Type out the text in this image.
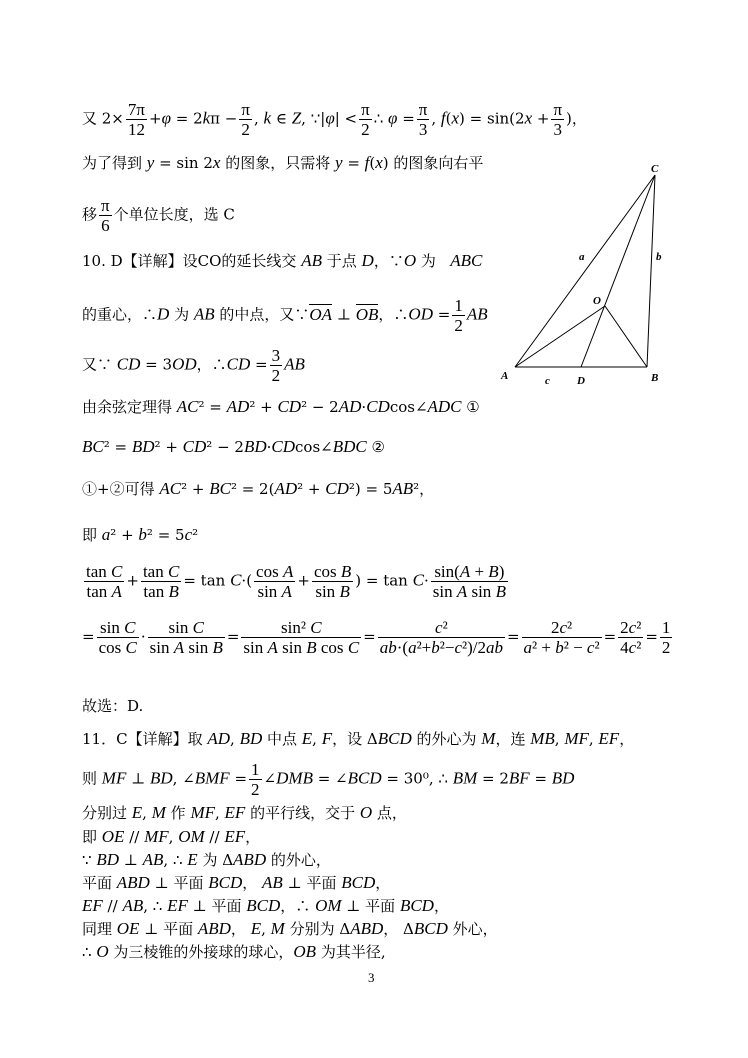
又 $2\times \frac{7\pi}{12} +\varphi = 2k\pi - \frac{\pi}{2}$ , k ∈ Z, ∵|φ| < $\frac{\pi}{2}$ ∴ $\varphi = \frac{\pi}{3}$ , $f(x) = \sin(2x + \frac{\pi}{3}$ )，
为了得到 y = sin 2x 的图象，只需将 y = f(x) 的图象向右平
移 $\frac{\pi}{6}$ 个单位长度，选 C
10. D【详解】设CO的延长线交 AB 于点 D，∵O 为   ABC
的重心，∴D 为 AB 的中点，又∵OA ⊥ OB，∴OD = $\frac{1}{2}$ AB
又∵ CD = 3OD，∴CD = $\frac{3}{2}$ AB
由余弦定理得 AC² = AD² + CD² − 2AD·CDcos∠ADC ①
BC² = BD² + CD² − 2BD·CDcos∠BDC ②
①+②可得 AC² + BC² = 2(AD² + CD²) = 5AB²，
即 a² + b² = 5c²
$\frac{\text{tan C}}{\text{tan A}} + \frac{\text{tan C}}{\text{tan B}} = \tan C\cdot( \frac{\text{cos A}}{\text{sin A}} + \frac{\text{cos B}}{\text{sin B}}$ ) = $\tan C\cdot \frac{\sin(A + B)}{\text{sin A sin B}}$
= $\frac{\text{sin C}}{\text{cos C}} \cdot \frac{\text{sin C}}{\text{sin A sin B}} = \frac{\text{sin² C}}{\text{sin A sin B cos C}} = \frac{\text{c²}}{\text{ab·(a²+b²−c²)/2ab}} = \frac{\text{2c²}}{\text{a² + b² − c²}} = \frac{\text{2c²}}{\text{4c²}} = \frac{1}{2}$
故选：D.
11．C【详解】取 AD, BD 中点 E, F，设 ΔBCD 的外心为 M，连 MB, MF, EF，
则 MF ⊥ BD, ∠BMF = $\frac{1}{2}$ ∠DMB = ∠BCD = 30⁰, ∴ BM = 2BF = BD
分别过 E, M 作 MF, EF 的平行线，交于 O 点，
即 OE // MF, OM // EF，
∵ BD ⊥ AB, ∴ E 为 ΔABD 的外心，
平面 ABD ⊥ 平面 BCD， AB ⊥ 平面 BCD，
EF // AB, ∴ EF ⊥ 平面 BCD，∴ OM ⊥ 平面 BCD，
同理 OE ⊥ 平面 ABD， E, M 分别为 ΔABD， ΔBCD 外心，
∴ O 为三棱锥的外接球的球心，OB 为其半径,
C
a	b
O
A	c D	B
3
